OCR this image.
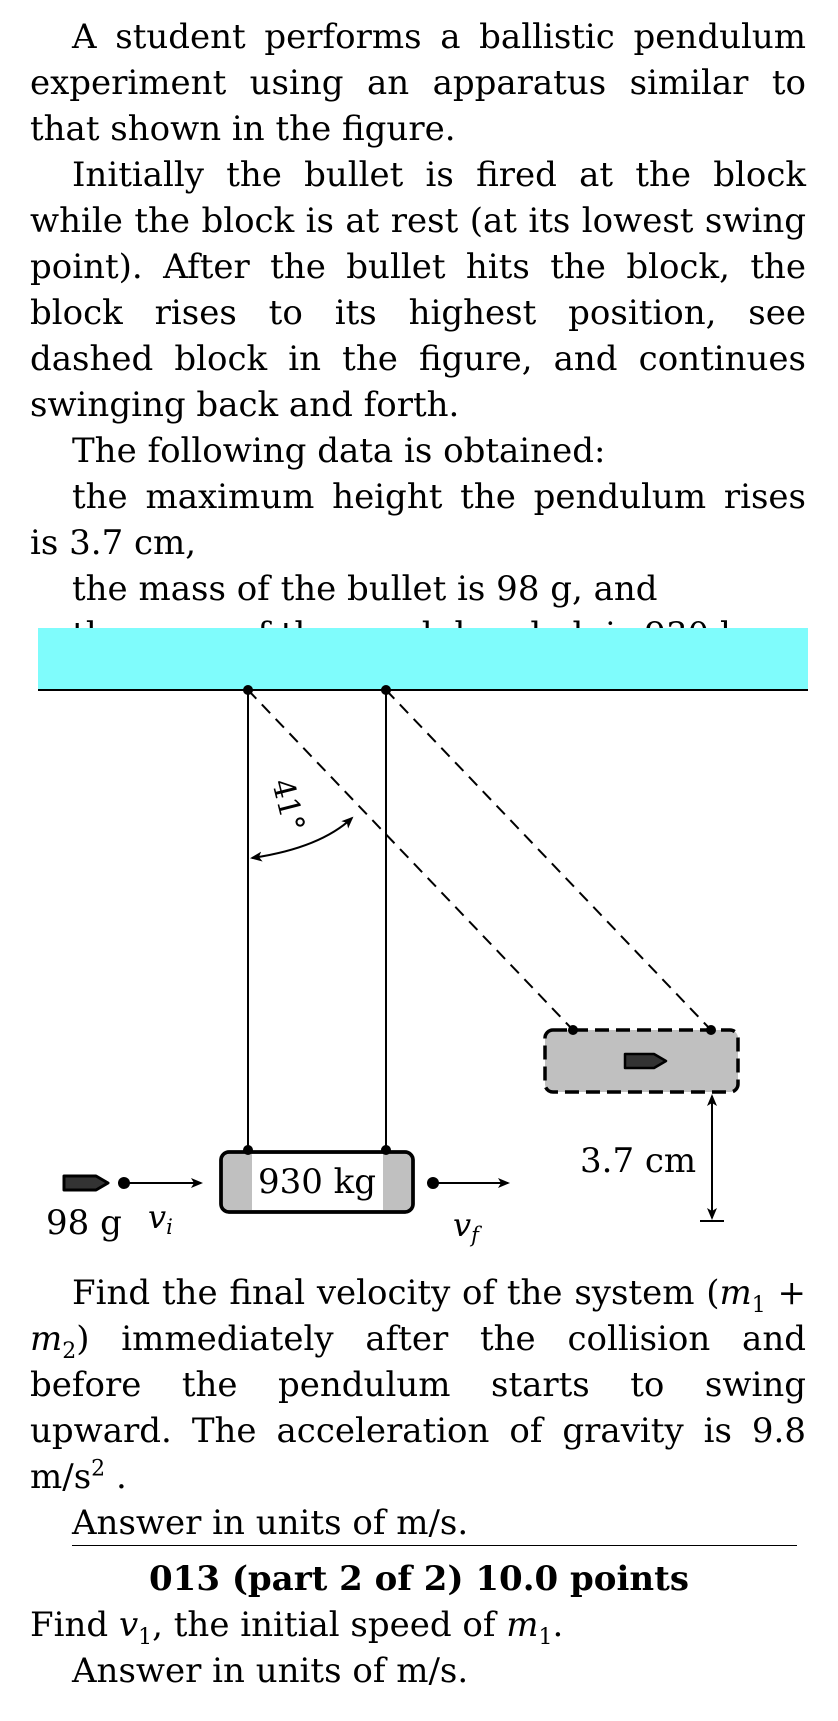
A student performs a ballistic pendulum experiment using an apparatus similar to that shown in the figure.

Initially the bullet is fired at the block while the block is at rest (at its lowest swing point). After the bullet hits the block, the block rises to its highest position, see dashed block in the figure, and continues swinging back and forth.

The following data is obtained:

the maximum height the pendulum rises is 3.7 cm,

the mass of the bullet is 98 g, and

41°
930 kg
98 g vi	vf
3.7 cm

Find the final velocity of the system $(m_1 + m_2)$ immediately after the collision and before the pendulum starts to swing upward. The acceleration of gravity is 9.8 $m/s^2$ .

Answer in units of m/s.

013 (part 2 of 2) 10.0 points

Find $v_1$, the initial speed of $m_1$.

Answer in units of m/s.
